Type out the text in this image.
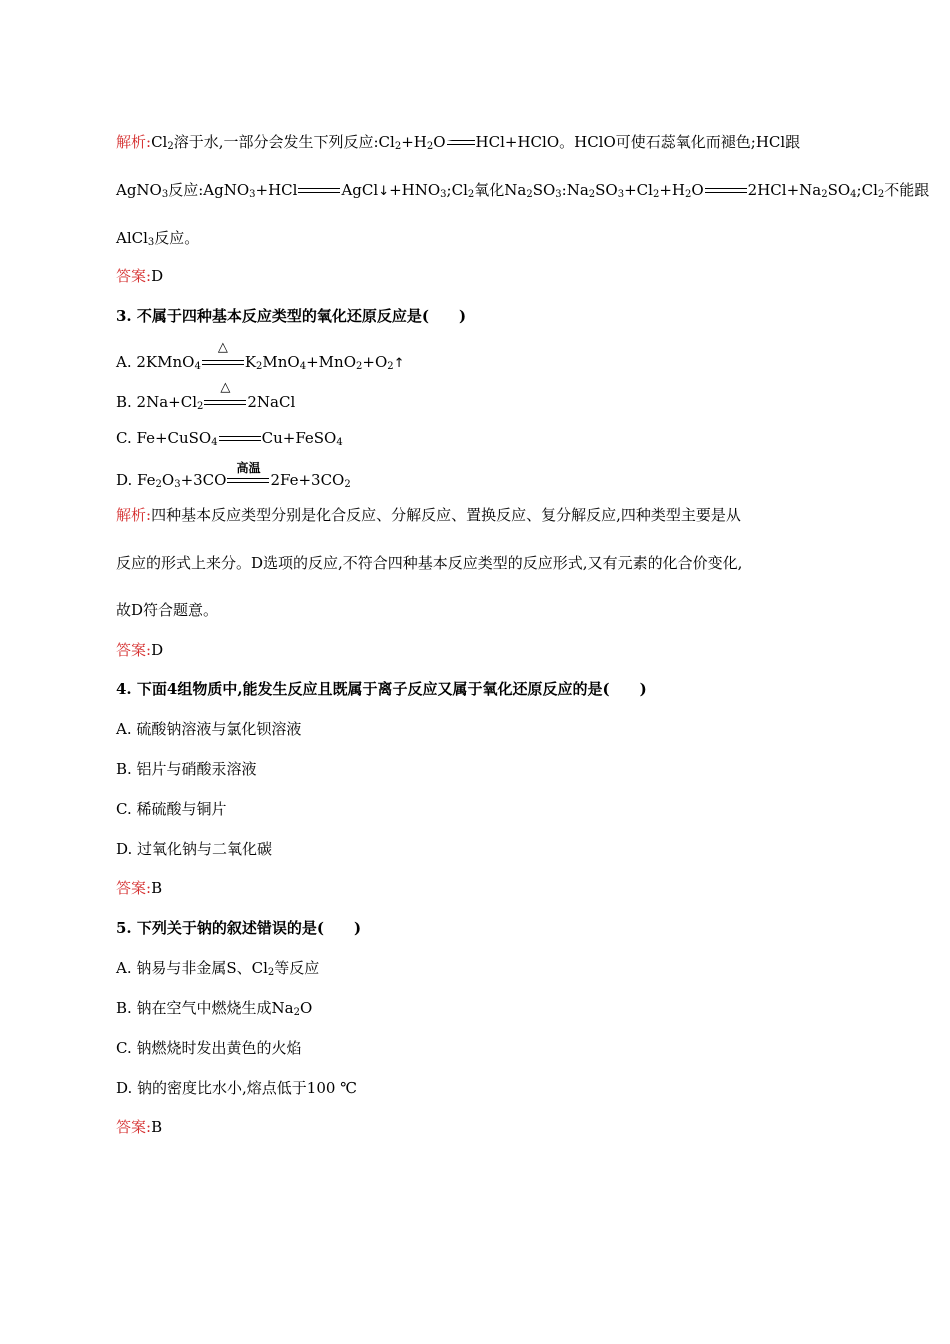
解析$:Cl_2$溶于水,一部分会发生下列反应$:Cl_2+H_2O$ HCl+HClO。HClO可使石蕊氧化而褪色;HCl跟
AgNO$_3$反应:AgNO$_3$+HCl	$AgCl↓+HNO_3;Cl_2$氧化$Na_2SO_3:Na_2SO_3+Cl_2+H_2O$	$2HCl+Na_2SO_4;Cl_2$不能跟
AlCl$_3$反应。
答案:D
3. 不属于四种基本反应类型的氧化还原反应是(　　)
A. 2KMnO$_4$
△
$K_2MnO_4+MnO_2+O_2↑$
B. $2Na+Cl_2$
△
2NaCl
C. Fe+CuSO$_4$	Cu+FeSO$_4$
D. $Fe_2O_3+3CO$
高温
$2Fe+3CO_2$
解析:四种基本反应类型分别是化合反应、分解反应、置换反应、复分解反应,四种类型主要是从
反应的形式上来分。D选项的反应,不符合四种基本反应类型的反应形式,又有元素的化合价变化,
故D符合题意。
答案:D
4. 下面4组物质中,能发生反应且既属于离子反应又属于氧化还原反应的是(　　)
A. 硫酸钠溶液与氯化钡溶液
B. 铝片与硝酸汞溶液
C. 稀硫酸与铜片
D. 过氧化钠与二氧化碳
答案:B
5. 下列关于钠的叙述错误的是(　　)
A. 钠易与非金属S、$Cl_2$等反应
B. 钠在空气中燃烧生成$Na_2O$
C. 钠燃烧时发出黄色的火焰
D. 钠的密度比水小,熔点低于100 ℃
答案:B
